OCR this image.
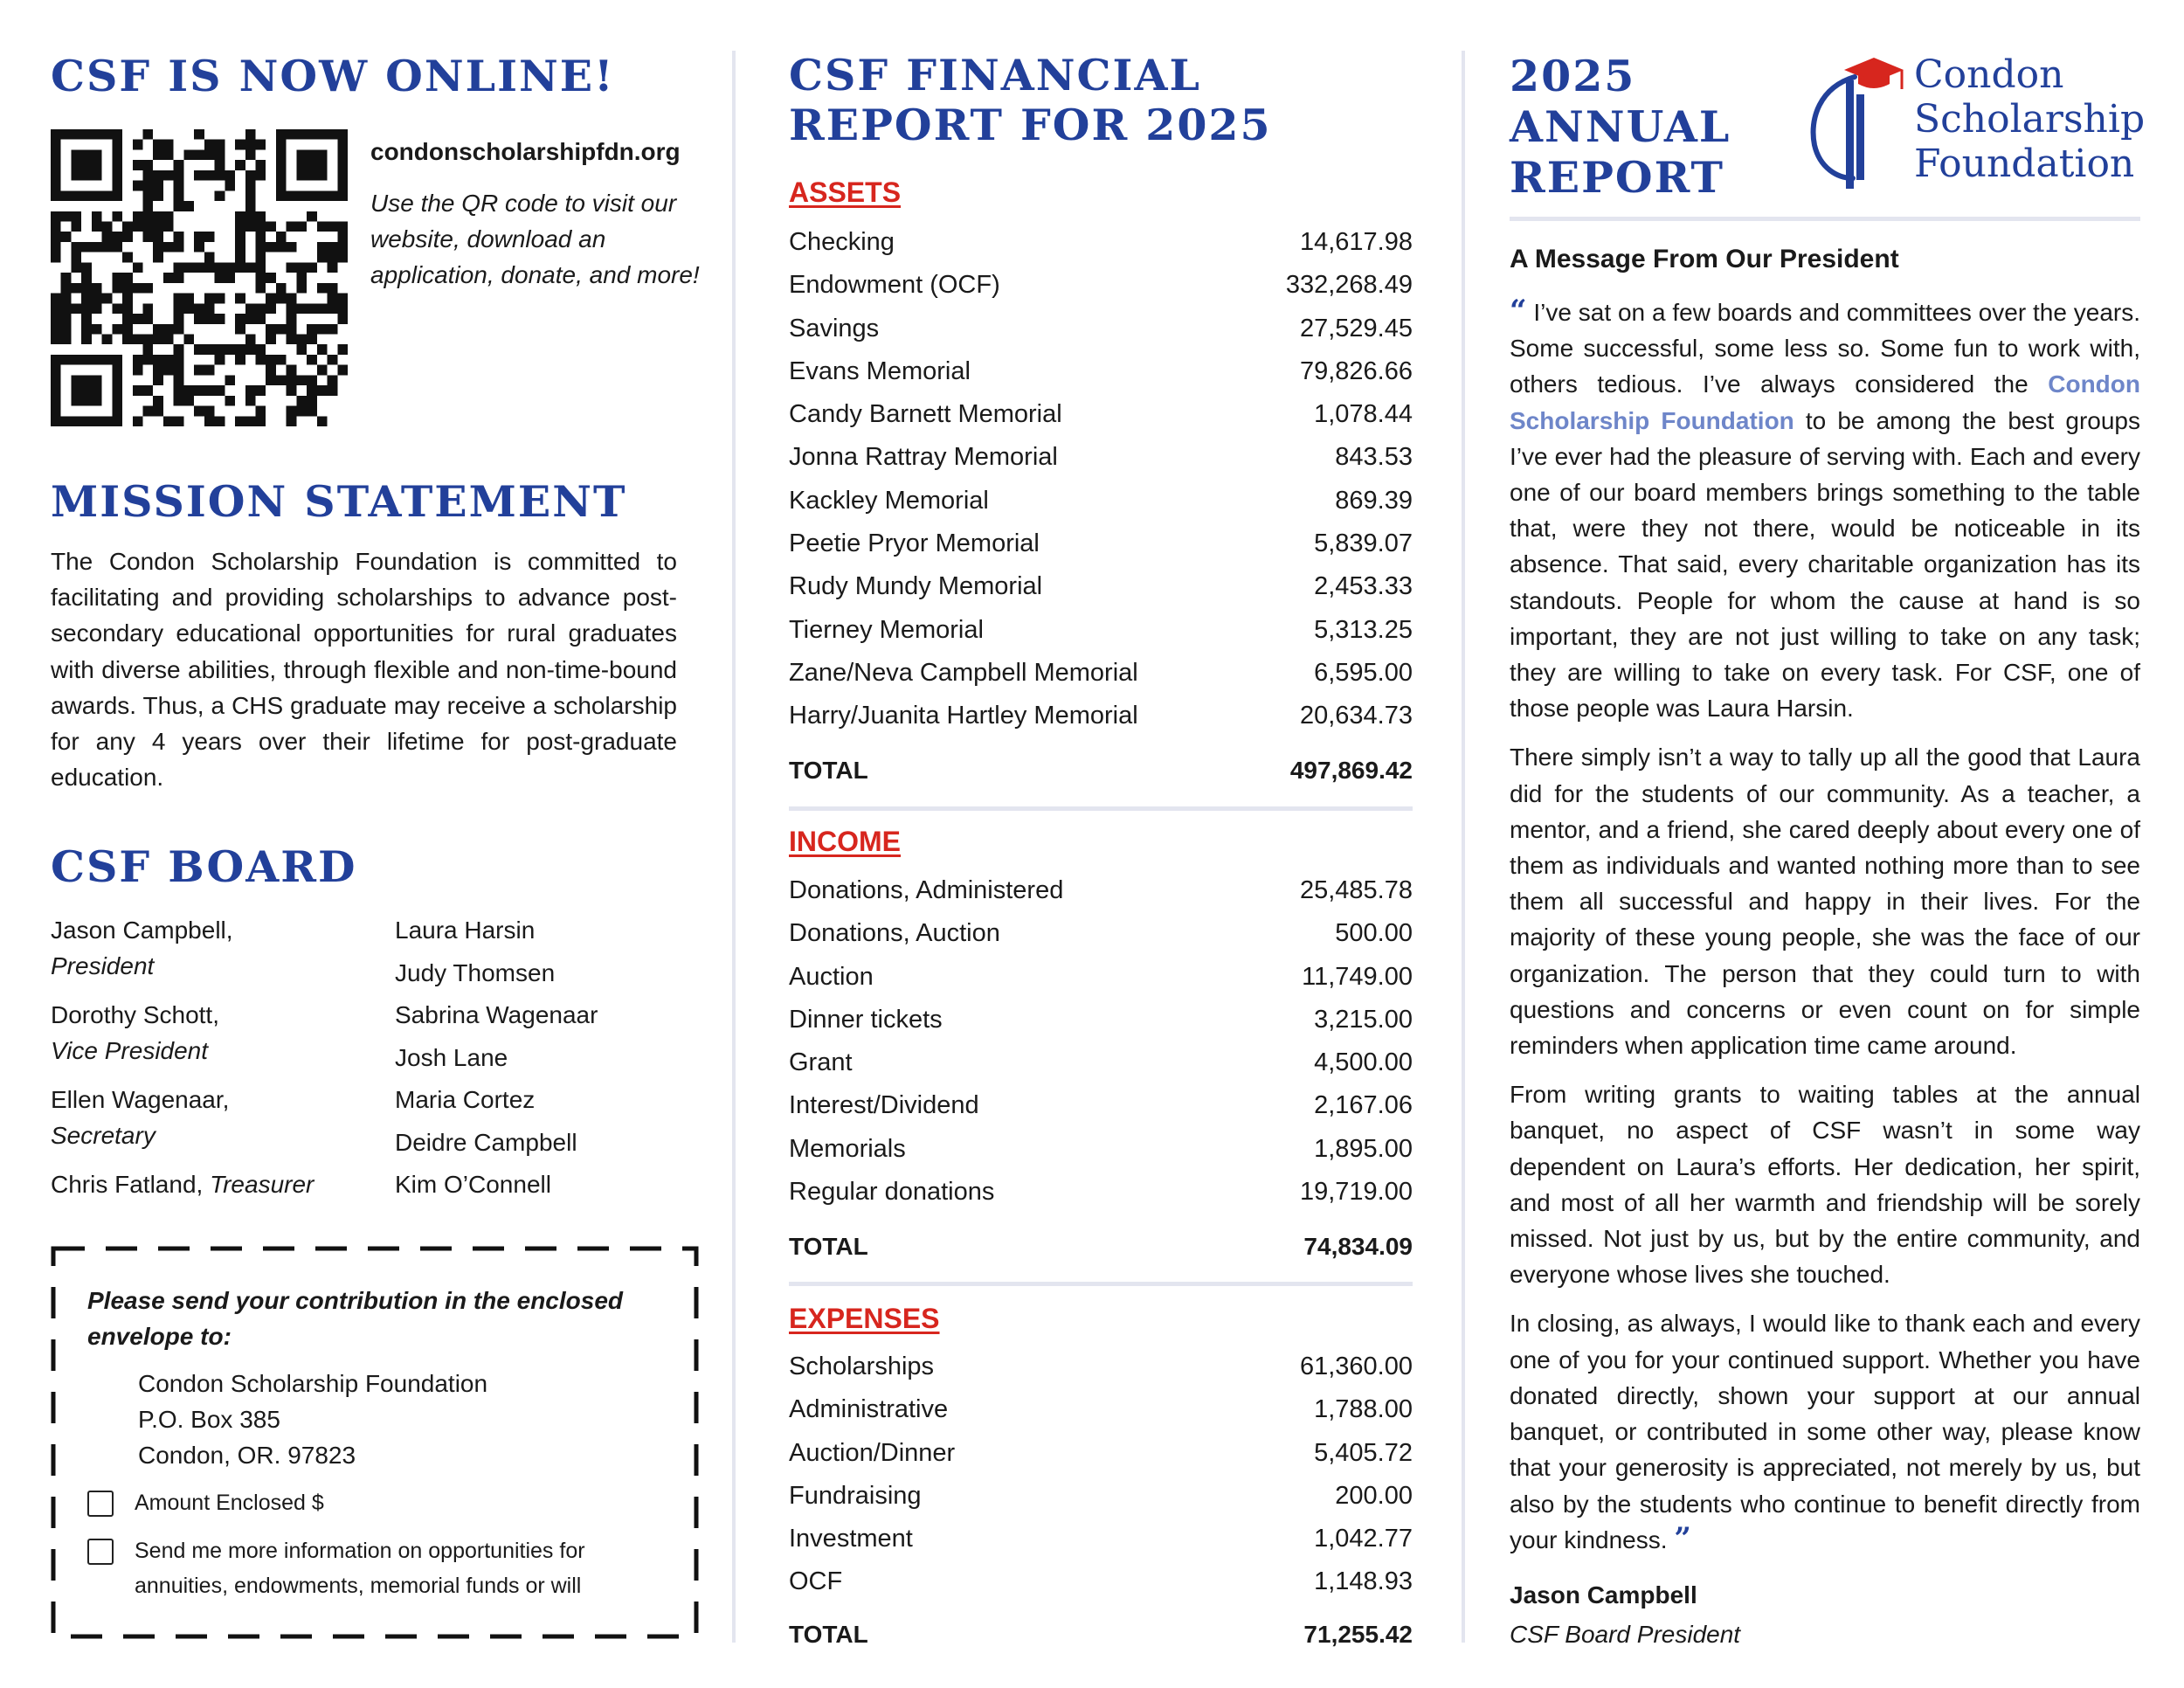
CSF IS NOW ONLINE!
condonscholarshipfdn.org
Use the QR code to visit our website, download an application, donate, and more!
MISSION STATEMENT
The Condon Scholarship Foundation is committed to facilitating and providing scholarships to advance post-secondary educational opportunities for rural graduates with diverse abilities, through flexible and non-time-bound awards. Thus, a CHS graduate may receive a scholarship for any 4 years over their lifetime for post-graduate education.
CSF BOARD
Jason Campbell,
President
Dorothy Schott,
Vice President
Ellen Wagenaar,
Secretary
Chris Fatland, Treasurer
Laura Harsin
Judy Thomsen
Sabrina Wagenaar
Josh Lane
Maria Cortez
Deidre Campbell
Kim O’Connell
Please send your contribution in the enclosed envelope to:
Condon Scholarship Foundation
P.O. Box 385
Condon, OR. 97823
Amount Enclosed $
Send me more information on opportunities for annuities, endowments, memorial funds or will
CSF FINANCIAL REPORT FOR 2025
ASSETS
Checking	14,617.98
Endowment (OCF)	332,268.49
Savings	27,529.45
Evans Memorial	79,826.66
Candy Barnett Memorial	1,078.44
Jonna Rattray Memorial	843.53
Kackley Memorial	869.39
Peetie Pryor Memorial	5,839.07
Rudy Mundy Memorial	2,453.33
Tierney Memorial	5,313.25
Zane/Neva Campbell Memorial	6,595.00
Harry/Juanita Hartley Memorial	20,634.73
TOTAL	497,869.42
INCOME
Donations, Administered	25,485.78
Donations, Auction	500.00
Auction	11,749.00
Dinner tickets	3,215.00
Grant	4,500.00
Interest/Dividend	2,167.06
Memorials	1,895.00
Regular donations	19,719.00
TOTAL	74,834.09
EXPENSES
Scholarships	61,360.00
Administrative	1,788.00
Auction/Dinner	5,405.72
Fundraising	200.00
Investment	1,042.77
OCF	1,148.93
TOTAL	71,255.42
2025 ANNUAL REPORT
Condon
Scholarship
Foundation
A Message From Our President

“ I’ve sat on a few boards and committees over the years. Some successful, some less so. Some fun to work with, others tedious. I’ve always considered the Condon Scholarship Foundation to be among the best groups I’ve ever had the pleasure of serving with. Each and every one of our board members brings something to the table that, were they not there, would be noticeable in its absence. That said, every charitable organization has its standouts. People for whom the cause at hand is so important, they are not just willing to take on any task; they are willing to take on every task. For CSF, one of those people was Laura Harsin.

There simply isn’t a way to tally up all the good that Laura did for the students of our community. As a teacher, a mentor, and a friend, she cared deeply about every one of them as individuals and wanted nothing more than to see them all successful and happy in their lives. For the majority of these young people, she was the face of our organization. The person that they could turn to with questions and concerns or even count on for simple reminders when application time came around.

From writing grants to waiting tables at the annual banquet, no aspect of CSF wasn’t in some way dependent on Laura’s efforts. Her dedication, her spirit, and most of all her warmth and friendship will be sorely missed. Not just by us, but by the entire community, and everyone whose lives she touched.

In closing, as always, I would like to thank each and every one of you for your continued support. Whether you have donated directly, shown your support at our annual banquet, or contributed in some other way, please know that your generosity is appreciated, not merely by us, but also by the students who continue to benefit directly from your kindness. ”

Jason Campbell
CSF Board President
